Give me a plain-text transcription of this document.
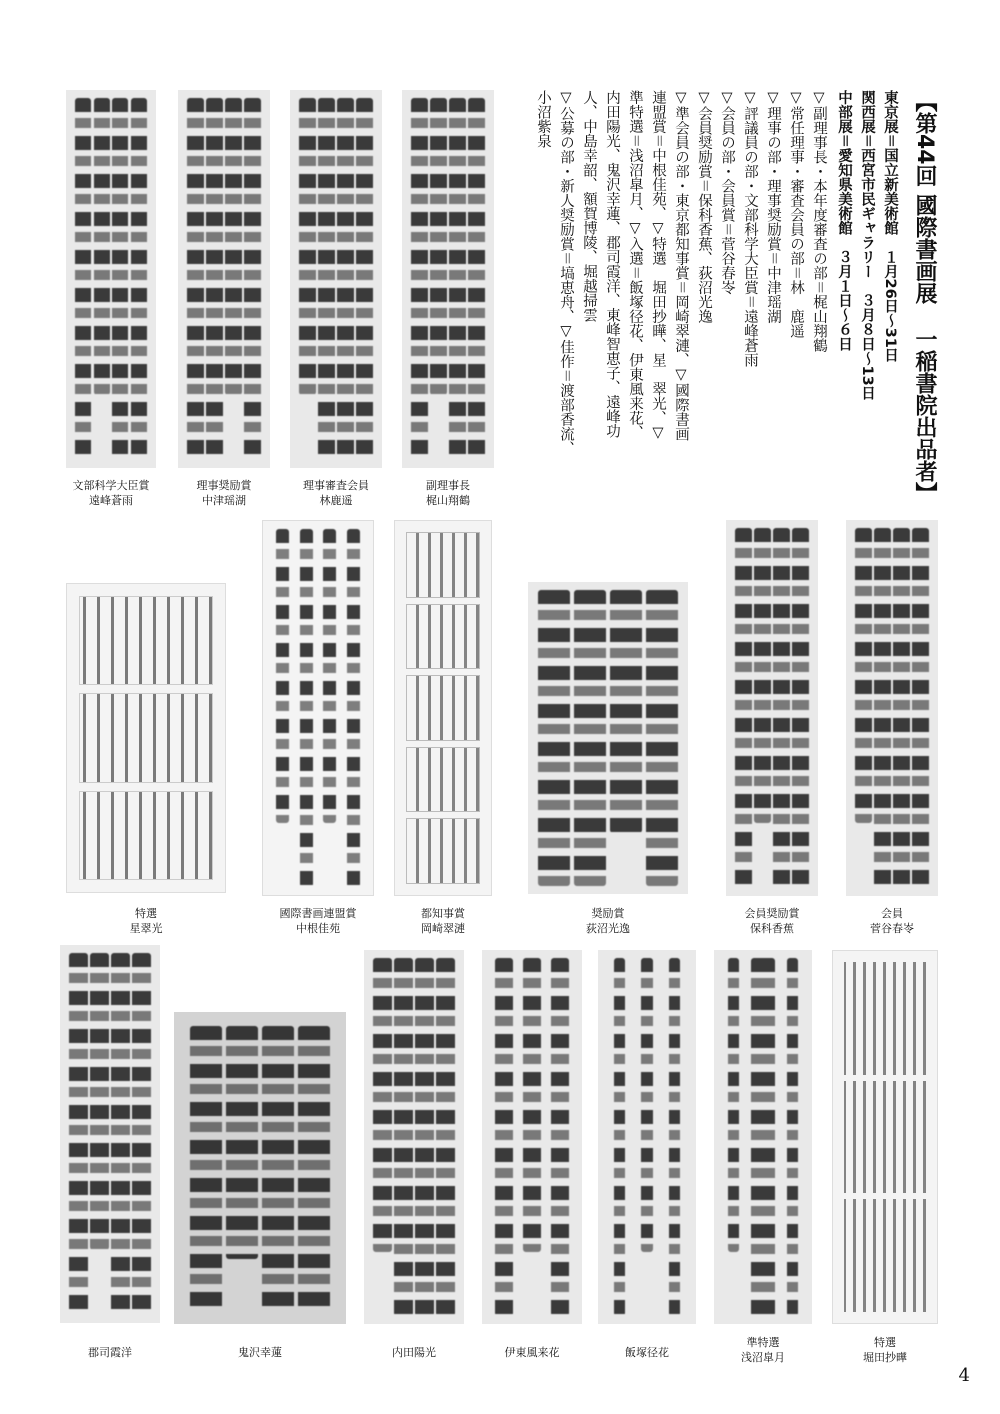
文部科学大臣賞
遠峰蒼雨
理事奨励賞
中津瑶湖
理事審査会員
林鹿遥
副理事長
梶山翔鶴
【第44回 國際書画展一稲書院出品者】
東京展＝国立新美術館　１月26日～31日
関西展＝西宮市民ギャラリー　３月８日～13日
中部展＝愛知県美術館　３月１日～６日
▽副理事長・本年度審査の部＝梶山翔鶴
▽常任理事・審査会員の部＝林　鹿遥
▽理事の部・理事奨励賞＝中津瑶湖
▽評議員の部・文部科学大臣賞＝遠峰蒼雨
▽会員の部・会員賞＝菅谷春岺
▽会員奨励賞＝保科香蕉、荻沼光逸
▽準会員の部・東京都知事賞＝岡崎翠漣、▽國際書画
連盟賞＝中根佳苑、▽特選　堀田抄曄、星　翠光、▽
準特選＝浅沼皐月、▽入選＝飯塚径花、伊東風来花、
内田陽光、鬼沢幸蓮、郡司霞洋、東峰智恵子、遠峰功
人、中島幸韶、額賀博陵、堀越掃雲
▽公募の部・新人奨励賞＝塙恵舟、▽佳作＝渡部香流、
小沼紫泉
特選
星翠光
國際書画連盟賞
中根佳苑
都知事賞
岡崎翠漣
奨励賞
荻沼光逸
会員奨励賞
保科香蕉
会員
菅谷春岺
郡司霞洋	鬼沢幸蓮	内田陽光	伊東風来花	飯塚径花
準特選
浅沼皐月
特選
堀田抄曄
4
